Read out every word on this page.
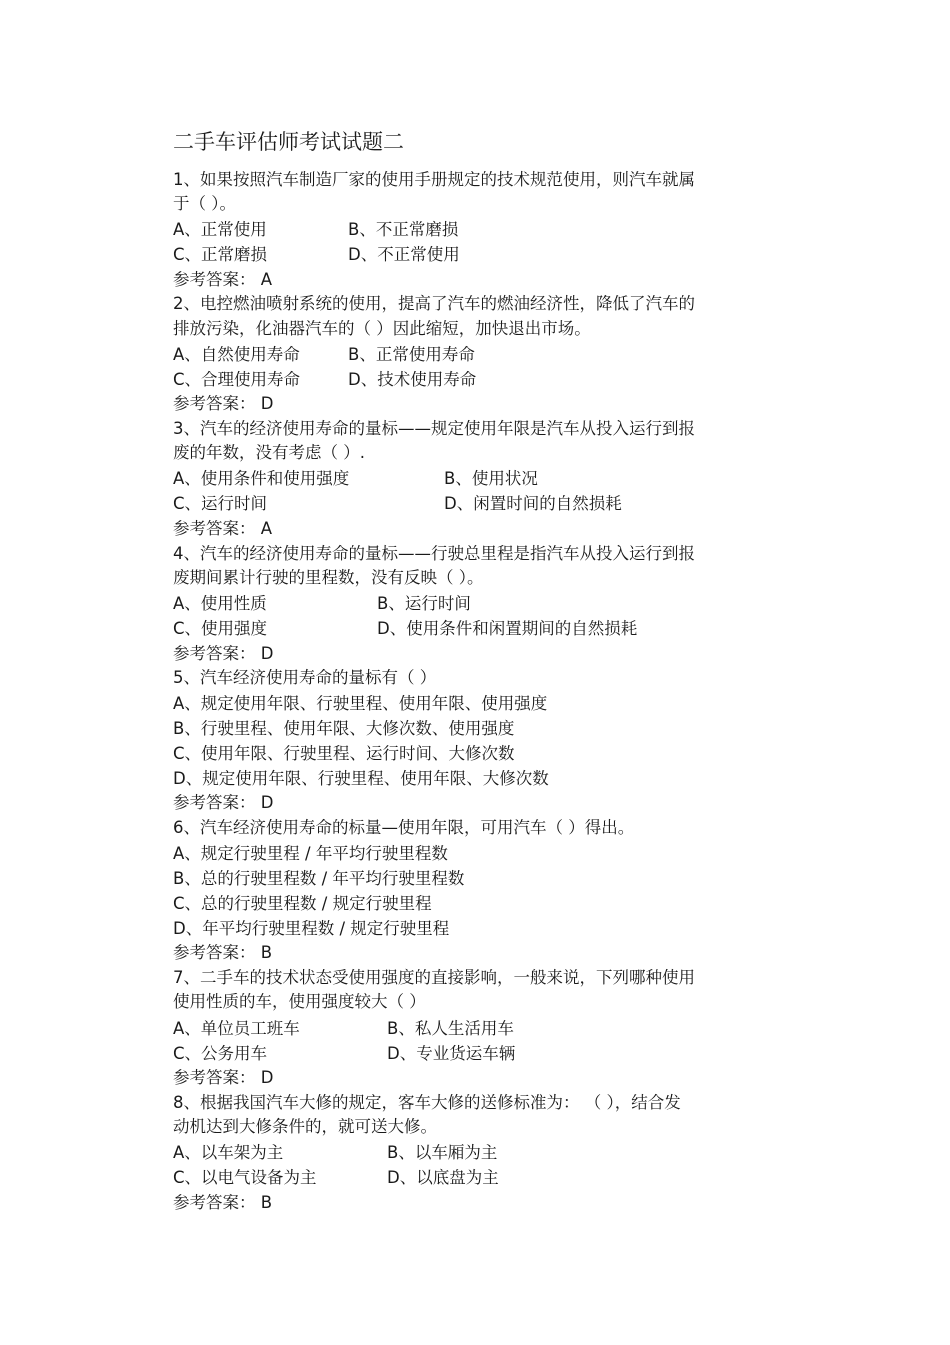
二手车评估师考试试题二
1、如果按照汽车制造厂家的使用手册规定的技术规范使用，则汽车就属
于（ ）。
A、正常使用	B、不正常磨损
C、正常磨损	D、不正常使用
参考答案： A
2、电控燃油喷射系统的使用，提高了汽车的燃油经济性，降低了汽车的
排放污染，化油器汽车的（ ）因此缩短，加快退出市场。
A、自然使用寿命	B、正常使用寿命
C、合理使用寿命	D、技术使用寿命
参考答案： D
3、汽车的经济使用寿命的量标——规定使用年限是汽车从投入运行到报
废的年数，没有考虑（ ）.
A、使用条件和使用强度	B、使用状况
C、运行时间	D、闲置时间的自然损耗
参考答案： A
4、汽车的经济使用寿命的量标——行驶总里程是指汽车从投入运行到报
废期间累计行驶的里程数，没有反映（ ）。
A、使用性质	B、运行时间
C、使用强度	D、使用条件和闲置期间的自然损耗
参考答案： D
5、汽车经济使用寿命的量标有（ ）
A、规定使用年限、行驶里程、使用年限、使用强度
B、行驶里程、使用年限、大修次数、使用强度
C、使用年限、行驶里程、运行时间、大修次数
D、规定使用年限、行驶里程、使用年限、大修次数
参考答案： D
6、汽车经济使用寿命的标量—使用年限，可用汽车（ ）得出。
A、规定行驶里程 / 年平均行驶里程数
B、总的行驶里程数 / 年平均行驶里程数
C、总的行驶里程数 / 规定行驶里程
D、年平均行驶里程数 / 规定行驶里程
参考答案： B
7、二手车的技术状态受使用强度的直接影响，一般来说，下列哪种使用
使用性质的车，使用强度较大（ ）
A、单位员工班车	B、私人生活用车
C、公务用车	D、专业货运车辆
参考答案： D
8、根据我国汽车大修的规定，客车大修的送修标准为： （ ），结合发
动机达到大修条件的，就可送大修。
A、以车架为主	B、以车厢为主
C、以电气设备为主	D、以底盘为主
参考答案： B
